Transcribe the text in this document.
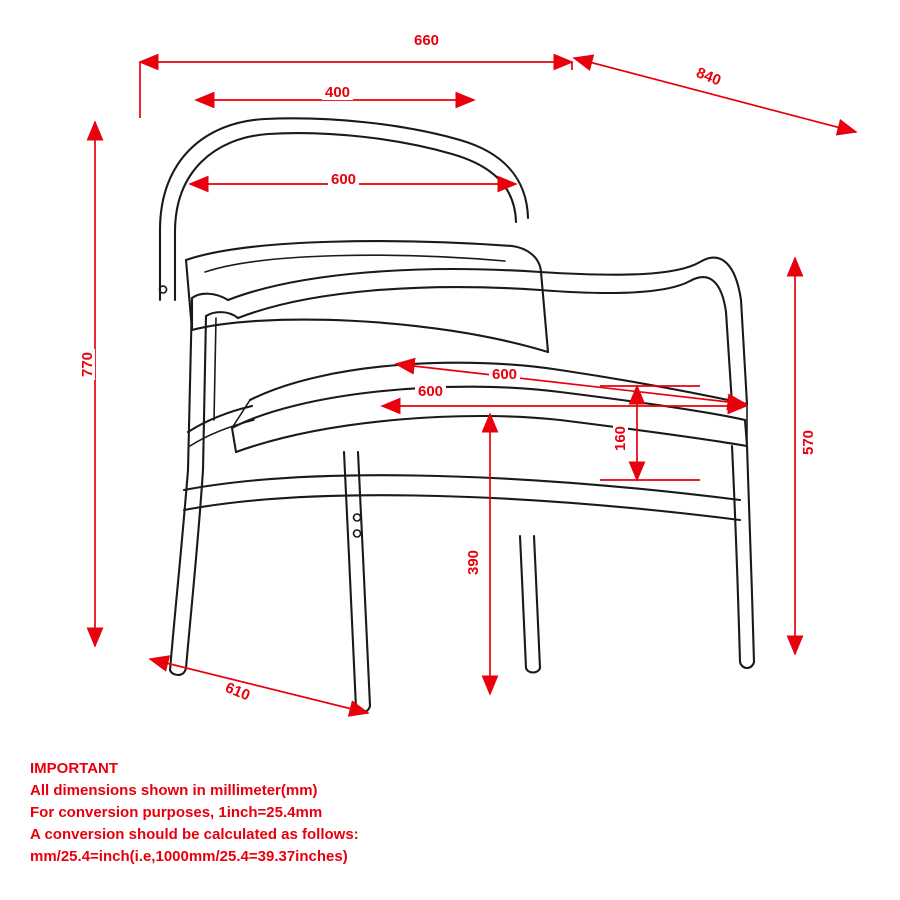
660
840
400
600
770
570
600
600
160
390
610
IMPORTANT
All dimensions shown in millimeter(mm)
For conversion purposes, 1inch=25.4mm
A conversion should be calculated as follows:
mm/25.4=inch(i.e,1000mm/25.4=39.37inches)
